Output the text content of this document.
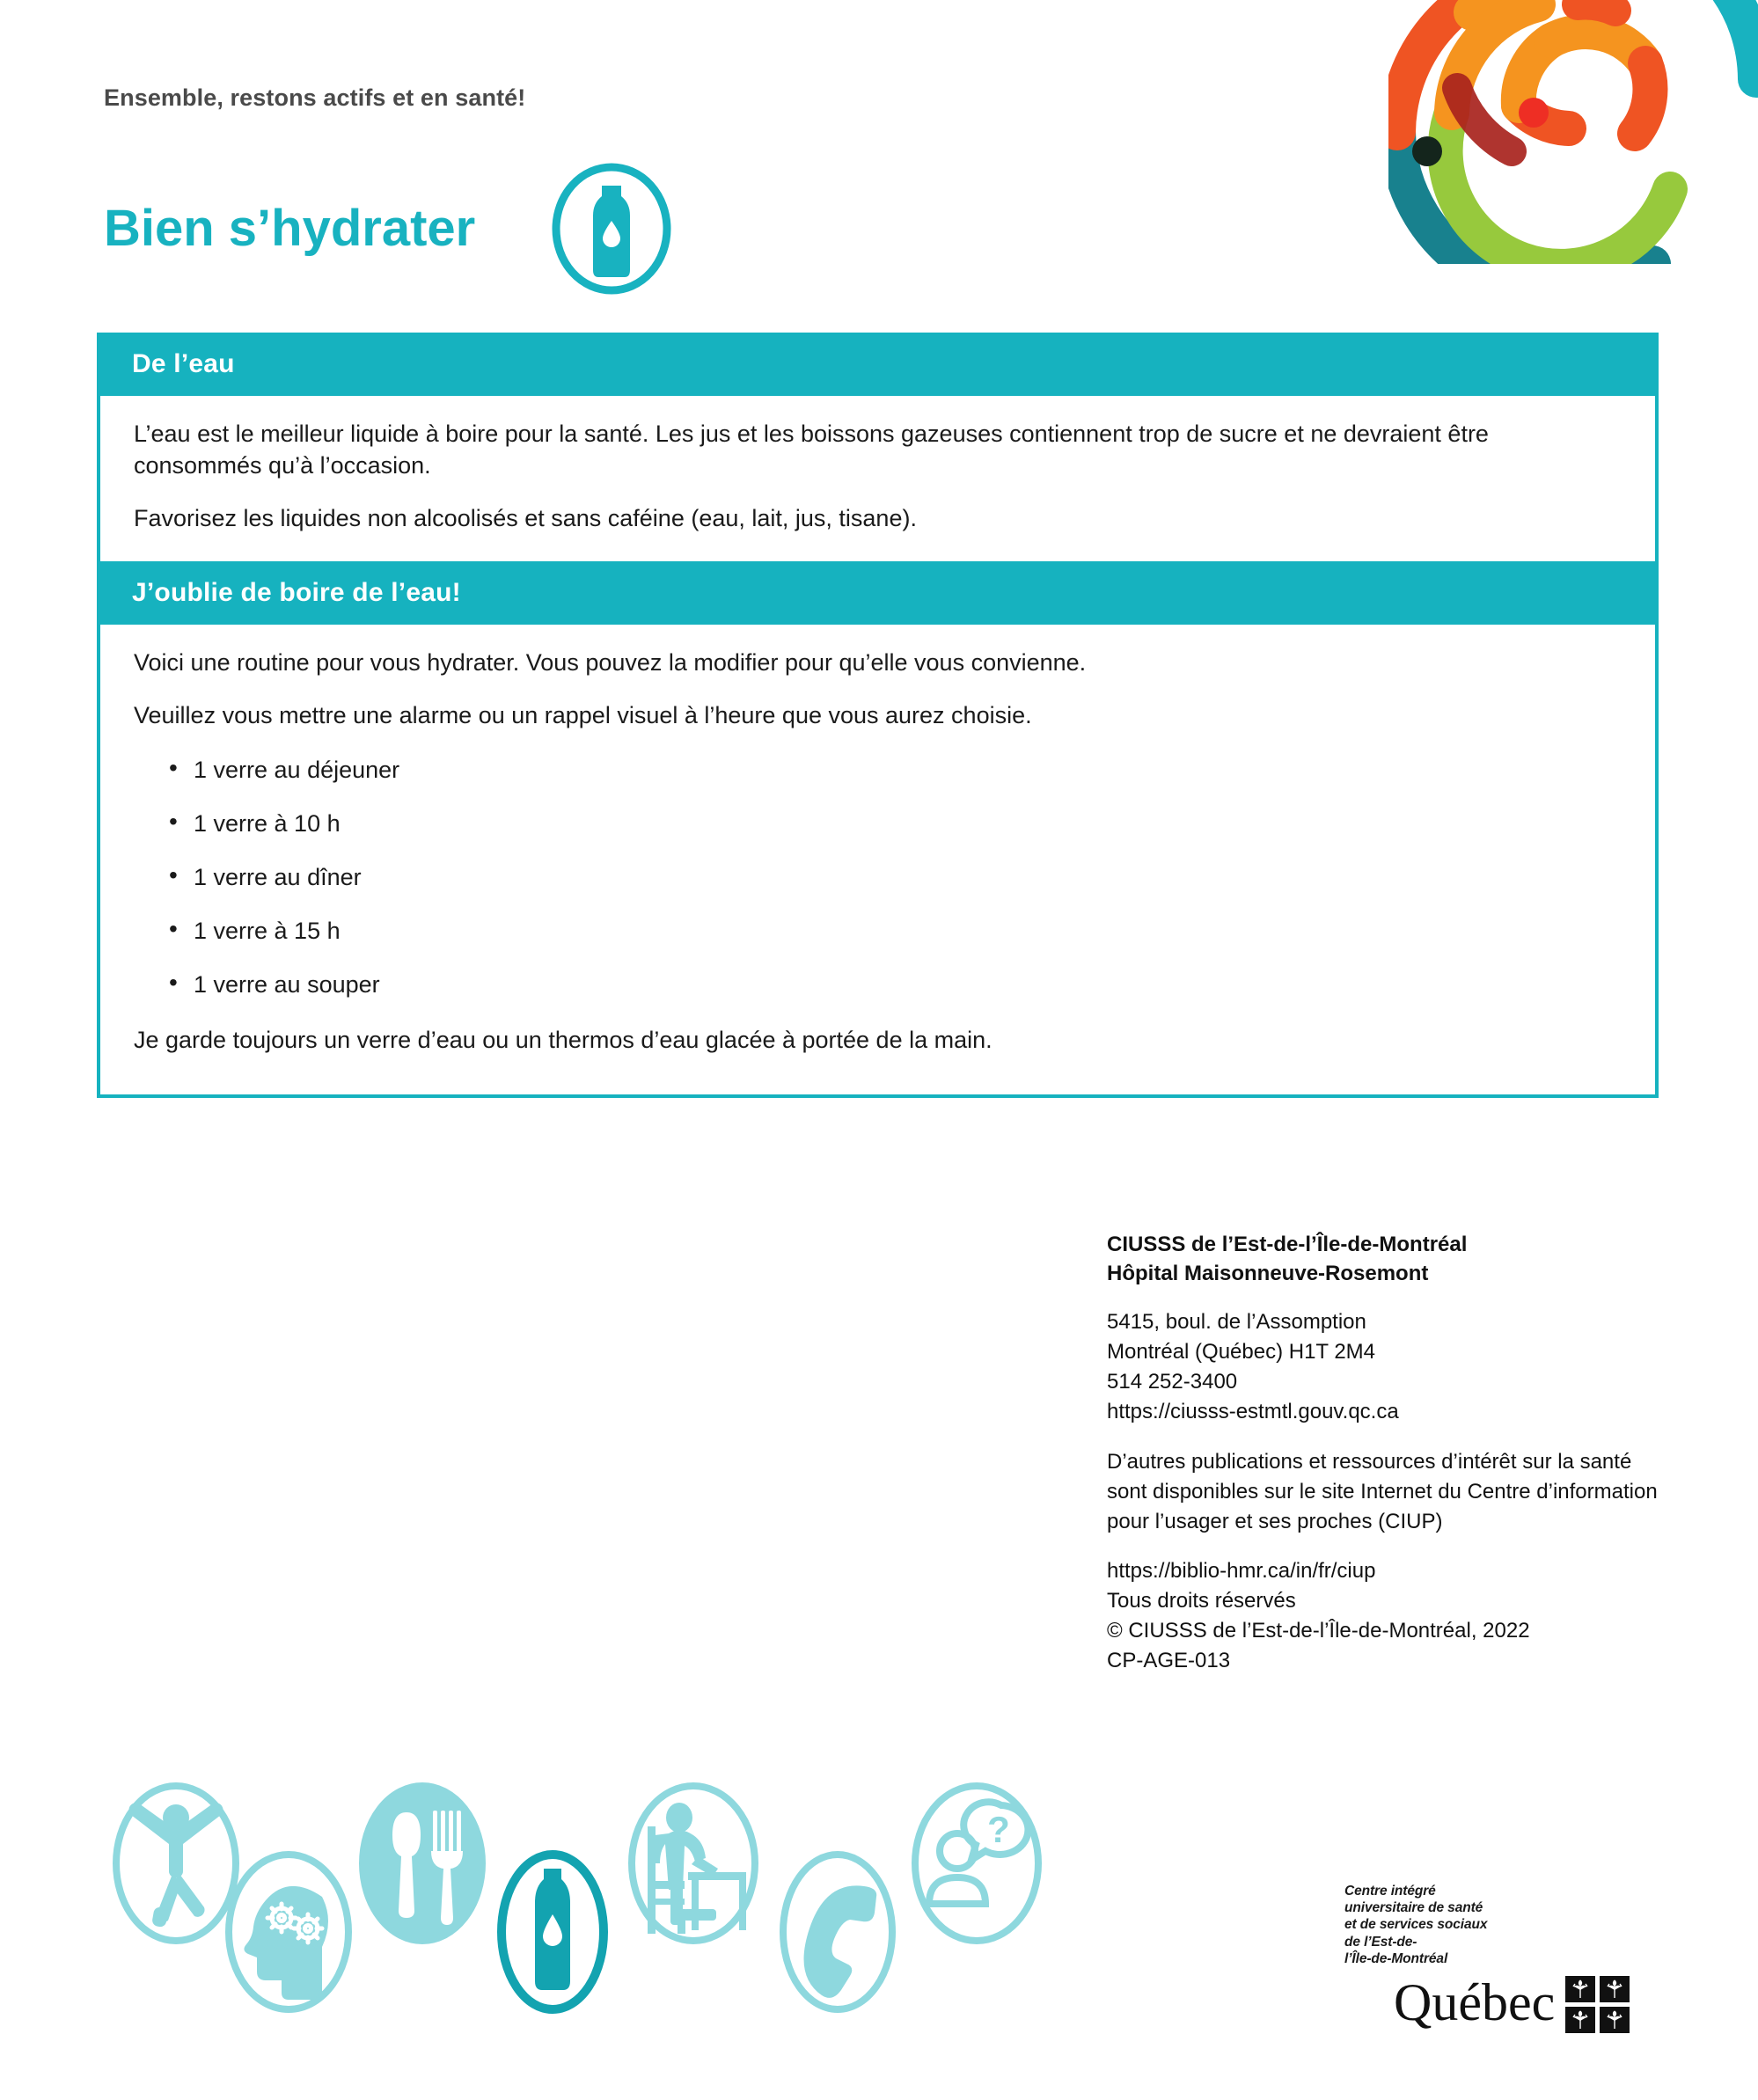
Ensemble, restons actifs et en santé!
Bien s’hydrater
De l’eau

L’eau est le meilleur liquide à boire pour la santé. Les jus et les boissons gazeuses contiennent trop de sucre et ne devraient être consommés qu’à l’occasion.

Favorisez les liquides non alcoolisés et sans caféine (eau, lait, jus, tisane).

J’oublie de boire de l’eau!

Voici une routine pour vous hydrater. Vous pouvez la modifier pour qu’elle vous convienne.

Veuillez vous mettre une alarme ou un rappel visuel à l’heure que vous aurez choisie.

• 1 verre au déjeuner
• 1 verre à 10 h
• 1 verre au dîner
• 1 verre à 15 h
• 1 verre au souper

Je garde toujours un verre d’eau ou un thermos d’eau glacée à portée de la main.

CIUSSS de l’Est-de-l’Île-de-Montréal
Hôpital Maisonneuve-Rosemont
5415, boul. de l’Assomption
Montréal (Québec) H1T 2M4
514 252-3400
https://ciusss-estmtl.gouv.qc.ca
D’autres publications et ressources d’intérêt sur la santé sont disponibles sur le site Internet du Centre d’information pour l’usager et ses proches (CIUP)
https://biblio-hmr.ca/in/fr/ciup
Tous droits réservés
© CIUSSS de l’Est-de-l’Île-de-Montréal, 2022
CP-AGE-013
?
Centre intégré
universitaire de santé
et de services sociaux
de l’Est-de-
l’Île-de-Montréal
Québec
